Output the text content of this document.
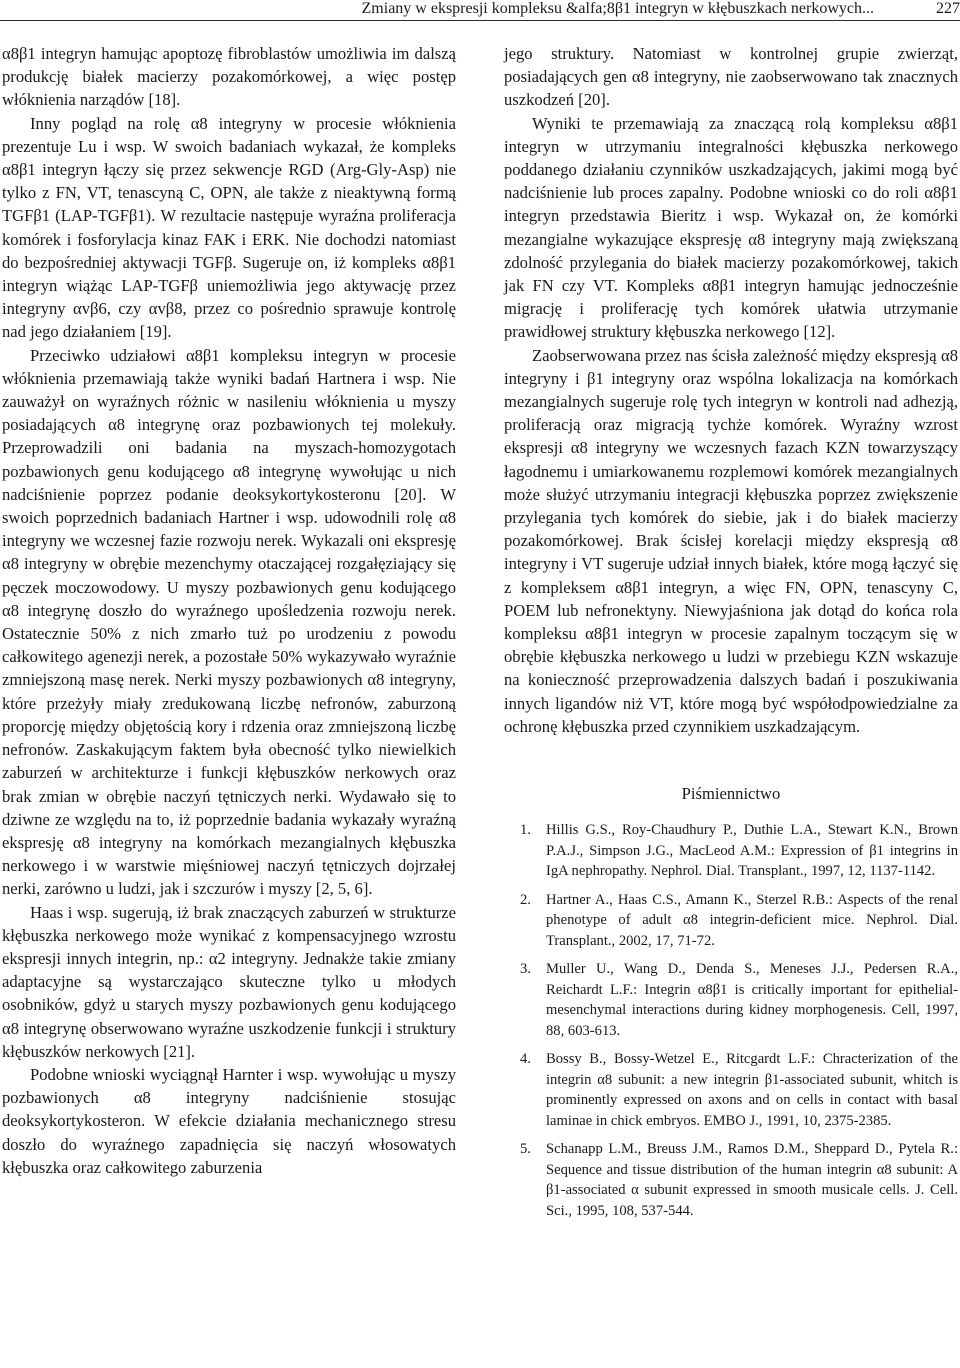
Zmiany w ekspresji kompleksu &alfa;8β1 integryn w kłębuszkach nerkowych...	227

α8β1 integryn hamując apoptozę fibroblastów umożliwia im dalszą produkcję białek macierzy pozakomórkowej, a więc postęp włóknienia narządów [18].

Inny pogląd na rolę α8 integryny w procesie włóknienia prezentuje Lu i wsp. W swoich badaniach wykazał, że kompleks α8β1 integryn łączy się przez sekwencje RGD (Arg-Gly-Asp) nie tylko z FN, VT, tenascyną C, OPN, ale także z nieaktywną formą TGFβ1 (LAP-TGFβ1). W rezultacie następuje wyraźna proliferacja komórek i fosforylacja kinaz FAK i ERK. Nie dochodzi natomiast do bezpośredniej aktywacji TGFβ. Sugeruje on, iż kompleks α8β1 integryn wiążąc LAP-TGFβ uniemożliwia jego aktywację przez integryny αvβ6, czy αvβ8, przez co pośrednio sprawuje kontrolę nad jego działaniem [19].

Przeciwko udziałowi α8β1 kompleksu integryn w procesie włóknienia przemawiają także wyniki badań Hartnera i wsp. Nie zauważył on wyraźnych różnic w nasileniu włóknienia u myszy posiadających α8 integrynę oraz pozbawionych tej molekuły. Przeprowadzili oni badania na myszach-homozygotach pozbawionych genu kodującego α8 integrynę wywołując u nich nadciśnienie poprzez podanie deoksykortykosteronu [20]. W swoich poprzednich badaniach Hartner i wsp. udowodnili rolę α8 integryny we wczesnej fazie rozwoju nerek. Wykazali oni ekspresję α8 integryny w obrębie mezenchymy otaczającej rozgałęziający się pęczek moczowodowy. U myszy pozbawionych genu kodującego α8 integrynę doszło do wyraźnego upośledzenia rozwoju nerek. Ostatecznie 50% z nich zmarło tuż po urodzeniu z powodu całkowitego agenezji nerek, a pozostałe 50% wykazywało wyraźnie zmniejszoną masę nerek. Nerki myszy pozbawionych α8 integryny, które przeżyły miały zredukowaną liczbę nefronów, zaburzoną proporcję między objętością kory i rdzenia oraz zmniejszoną liczbę nefronów. Zaskakującym faktem była obecność tylko niewielkich zaburzeń w architekturze i funkcji kłębuszków nerkowych oraz brak zmian w obrębie naczyń tętniczych nerki. Wydawało się to dziwne ze względu na to, iż poprzednie badania wykazały wyraźną ekspresję α8 integryny na komórkach mezangialnych kłębuszka nerkowego i w warstwie mięśniowej naczyń tętniczych dojrzałej nerki, zarówno u ludzi, jak i szczurów i myszy [2, 5, 6].

Haas i wsp. sugerują, iż brak znaczących zaburzeń w strukturze kłębuszka nerkowego może wynikać z kompensacyjnego wzrostu ekspresji innych integrin, np.: α2 integryny. Jednakże takie zmiany adaptacyjne są wystarczająco skuteczne tylko u młodych osobników, gdyż u starych myszy pozbawionych genu kodującego α8 integrynę obserwowano wyraźne uszkodzenie funkcji i struktury kłębuszków nerkowych [21].

Podobne wnioski wyciągnął Harnter i wsp. wywołując u myszy pozbawionych α8 integryny nadciśnienie stosując deoksykortykosteron. W efekcie działania mechanicznego stresu doszło do wyraźnego zapadnięcia się naczyń włosowatych kłębuszka oraz całkowitego zaburzenia

jego struktury. Natomiast w kontrolnej grupie zwierząt, posiadających gen α8 integryny, nie zaobserwowano tak znacznych uszkodzeń [20].

Wyniki te przemawiają za znaczącą rolą kompleksu α8β1 integryn w utrzymaniu integralności kłębuszka nerkowego poddanego działaniu czynników uszkadzających, jakimi mogą być nadciśnienie lub proces zapalny. Podobne wnioski co do roli α8β1 integryn przedstawia Bieritz i wsp. Wykazał on, że komórki mezangialne wykazujące ekspresję α8 integryny mają zwiększaną zdolność przylegania do białek macierzy pozakomórkowej, takich jak FN czy VT. Kompleks α8β1 integryn hamując jednocześnie migrację i proliferację tych komórek ułatwia utrzymanie prawidłowej struktury kłębuszka nerkowego [12].

Zaobserwowana przez nas ścisła zależność między ekspresją α8 integryny i β1 integryny oraz wspólna lokalizacja na komórkach mezangialnych sugeruje rolę tych integryn w kontroli nad adhezją, proliferacją oraz migracją tychże komórek. Wyraźny wzrost ekspresji α8 integryny we wczesnych fazach KZN towarzyszący łagodnemu i umiarkowanemu rozplemowi komórek mezangialnych może służyć utrzymaniu integracji kłębuszka poprzez zwiększenie przylegania tych komórek do siebie, jak i do białek macierzy pozakomórkowej. Brak ścisłej korelacji między ekspresją α8 integryny i VT sugeruje udział innych białek, które mogą łączyć się z kompleksem α8β1 integryn, a więc FN, OPN, tenascyny C, POEM lub nefronektyny. Niewyjaśniona jak dotąd do końca rola kompleksu α8β1 integryn w procesie zapalnym toczącym się w obrębie kłębuszka nerkowego u ludzi w przebiegu KZN wskazuje na konieczność przeprowadzenia dalszych badań i poszukiwania innych ligandów niż VT, które mogą być współodpowiedzialne za ochronę kłębuszka przed czynnikiem uszkadzającym.

Piśmiennictwo
1. Hillis G.S., Roy-Chaudhury P., Duthie L.A., Stewart K.N., Brown P.A.J., Simpson J.G., MacLeod A.M.: Expression of β1 integrins in IgA nephropathy. Nephrol. Dial. Transplant., 1997, 12, 1137-1142.
2. Hartner A., Haas C.S., Amann K., Sterzel R.B.: Aspects of the renal phenotype of adult α8 integrin-deficient mice. Nephrol. Dial. Transplant., 2002, 17, 71-72.
3. Muller U., Wang D., Denda S., Meneses J.J., Pedersen R.A., Reichardt L.F.: Integrin α8β1 is critically important for epithelial-mesenchymal interactions during kidney morphogenesis. Cell, 1997, 88, 603-613.
4. Bossy B., Bossy-Wetzel E., Ritcgardt L.F.: Chracterization of the integrin α8 subunit: a new integrin β1-associated subunit, whitch is prominently expressed on axons and on cells in contact with basal laminae in chick embryos. EMBO J., 1991, 10, 2375-2385.
5. Schanapp L.M., Breuss J.M., Ramos D.M., Sheppard D., Pytela R.: Sequence and tissue distribution of the human integrin α8 subunit: A β1-associated α subunit expressed in smooth musicale cells. J. Cell. Sci., 1995, 108, 537-544.
